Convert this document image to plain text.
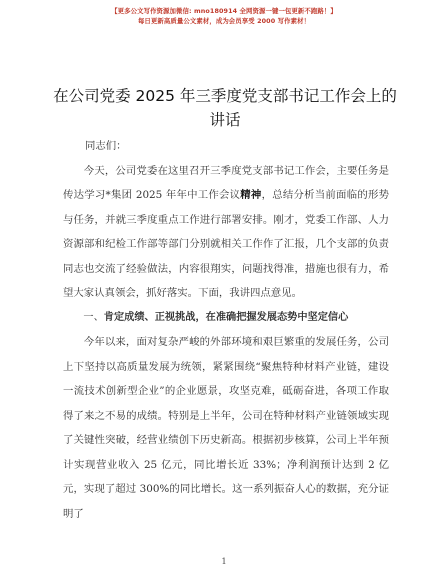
【更多公文写作资源加微信: mno180914 全网资源一键一包更新不跑路！】
每日更新高质量公文素材，成为会员享受 2000 写作素材！
在公司党委 2025 年三季度党支部书记工作会上的讲话

同志们：

今天，公司党委在这里召开三季度党支部书记工作会，主要任务是传达学习*集团 2025 年年中工作会议精神，总结分析当前面临的形势与任务，并就三季度重点工作进行部署安排。刚才，党委工作部、人力资源部和纪检工作部等部门分别就相关工作作了汇报，几个支部的负责同志也交流了经验做法，内容很翔实，问题找得准，措施也很有力，希望大家认真领会，抓好落实。下面，我讲四点意见。

一、肯定成绩、正视挑战，在准确把握发展态势中坚定信心

今年以来，面对复杂严峻的外部环境和艰巨繁重的发展任务，公司上下坚持以高质量发展为统领，紧紧围绕“聚焦特种材料产业链，建设一流技术创新型企业”的企业愿景，攻坚克难，砥砺奋进，各项工作取得了来之不易的成绩。特别是上半年，公司在特种材料产业链领域实现了关键性突破，经营业绩创下历史新高。根据初步核算，公司上半年预计实现营业收入 25 亿元，同比增长近 33%；净利润预计达到 2 亿元，实现了超过 300%的同比增长。这一系列振奋人心的数据，充分证明了

1
